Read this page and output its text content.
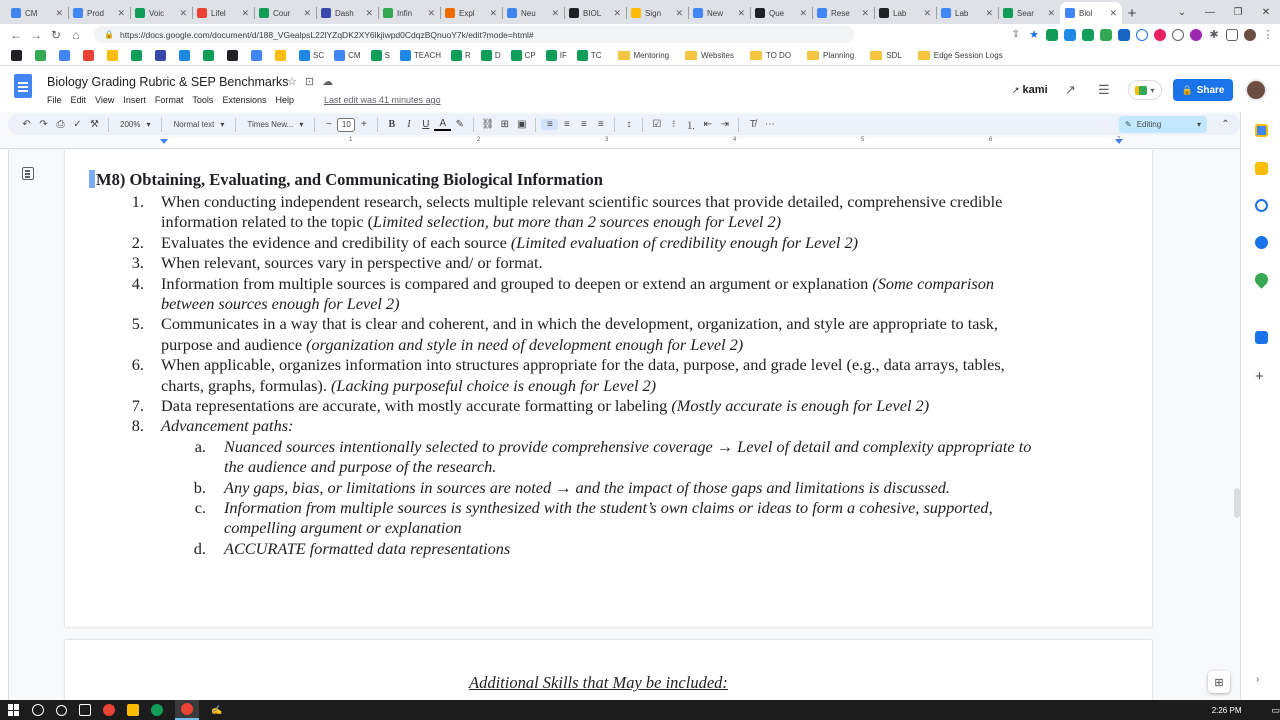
CM	✕	Prod	✕	Voic	✕	Lifel	✕	Cour	✕	Dash	✕	Infin	✕	Expl	✕	Neu	✕	BIOL	✕	Sign	✕	New	✕	Que	✕	Rese	✕	Lab	✕	Lab	✕	Sear	✕	Biol	✕ +	⌄	—	❐	✕
← → ↻ ⌂	🔒 https://docs.google.com/document/d/188_VGealpsL22lYZqDK2XY6lkjiwpd0CdqzBQnuoY7k/edit?mode=html#	⇪ ★	✱	⋮
SC	CM	S	TEACH	R	D	CP	IF	TC	Mentoring	Websites	TO DO	Planning	SDL	Edge Session Logs
Biology Grading Rubric & SEP Benchmarks
☆ ⊡ ☁
File Edit View Insert Format Tools Extensions Help	Last edit was 41 minutes ago
↗ kami ↗ ☰	▾	🔒 Share
↶ ↷ ⎙ ✓ ⚒	200% ▾	Normal text ▾	Times New... ▾	−	10	+	B	I	U	A ✎	⛓ ⊞ ▣	≡	≡	≡	≡	↕	☑	⁝	⒈ ⇤ ⇥	T̸ ⋯	✎ Editing	▾	⌃
1	2	3	4	5	6	7
M8) Obtaining, Evaluating, and Communicating Biological Information
1. When conducting independent research, selects multiple relevant scientific sources that provide detailed, comprehensive credible
information related to the topic (Limited selection, but more than 2 sources enough for Level 2)
2. Evaluates the evidence and credibility of each source (Limited evaluation of credibility enough for Level 2)
3. When relevant, sources vary in perspective and/ or format.
4. Information from multiple sources is compared and grouped to deepen or extend an argument or explanation (Some comparison
between sources enough for Level 2)
5. Communicates in a way that is clear and coherent, and in which the development, organization, and style are appropriate to task,
purpose and audience (organization and style in need of development enough for Level 2)
6. When applicable, organizes information into structures appropriate for the data, purpose, and grade level (e.g., data arrays, tables,
charts, graphs, formulas). (Lacking purposeful choice is enough for Level 2)
7. Data representations are accurate, with mostly accurate formatting or labeling (Mostly accurate is enough for Level 2)
8. Advancement paths:
a. Nuanced sources intentionally selected to provide comprehensive coverage → Level of detail and complexity appropriate to
the audience and purpose of the research.
b. Any gaps, bias, or limitations in sources are noted → and the impact of those gaps and limitations is discussed.
c. Information from multiple sources is synthesized with the student’s own claims or ideas to form a cohesive, supported,
compelling argument or explanation
d. ACCURATE formatted data representations
Additional Skills that May be included:
+
›
⊞
✍	2:26 PM	▭
